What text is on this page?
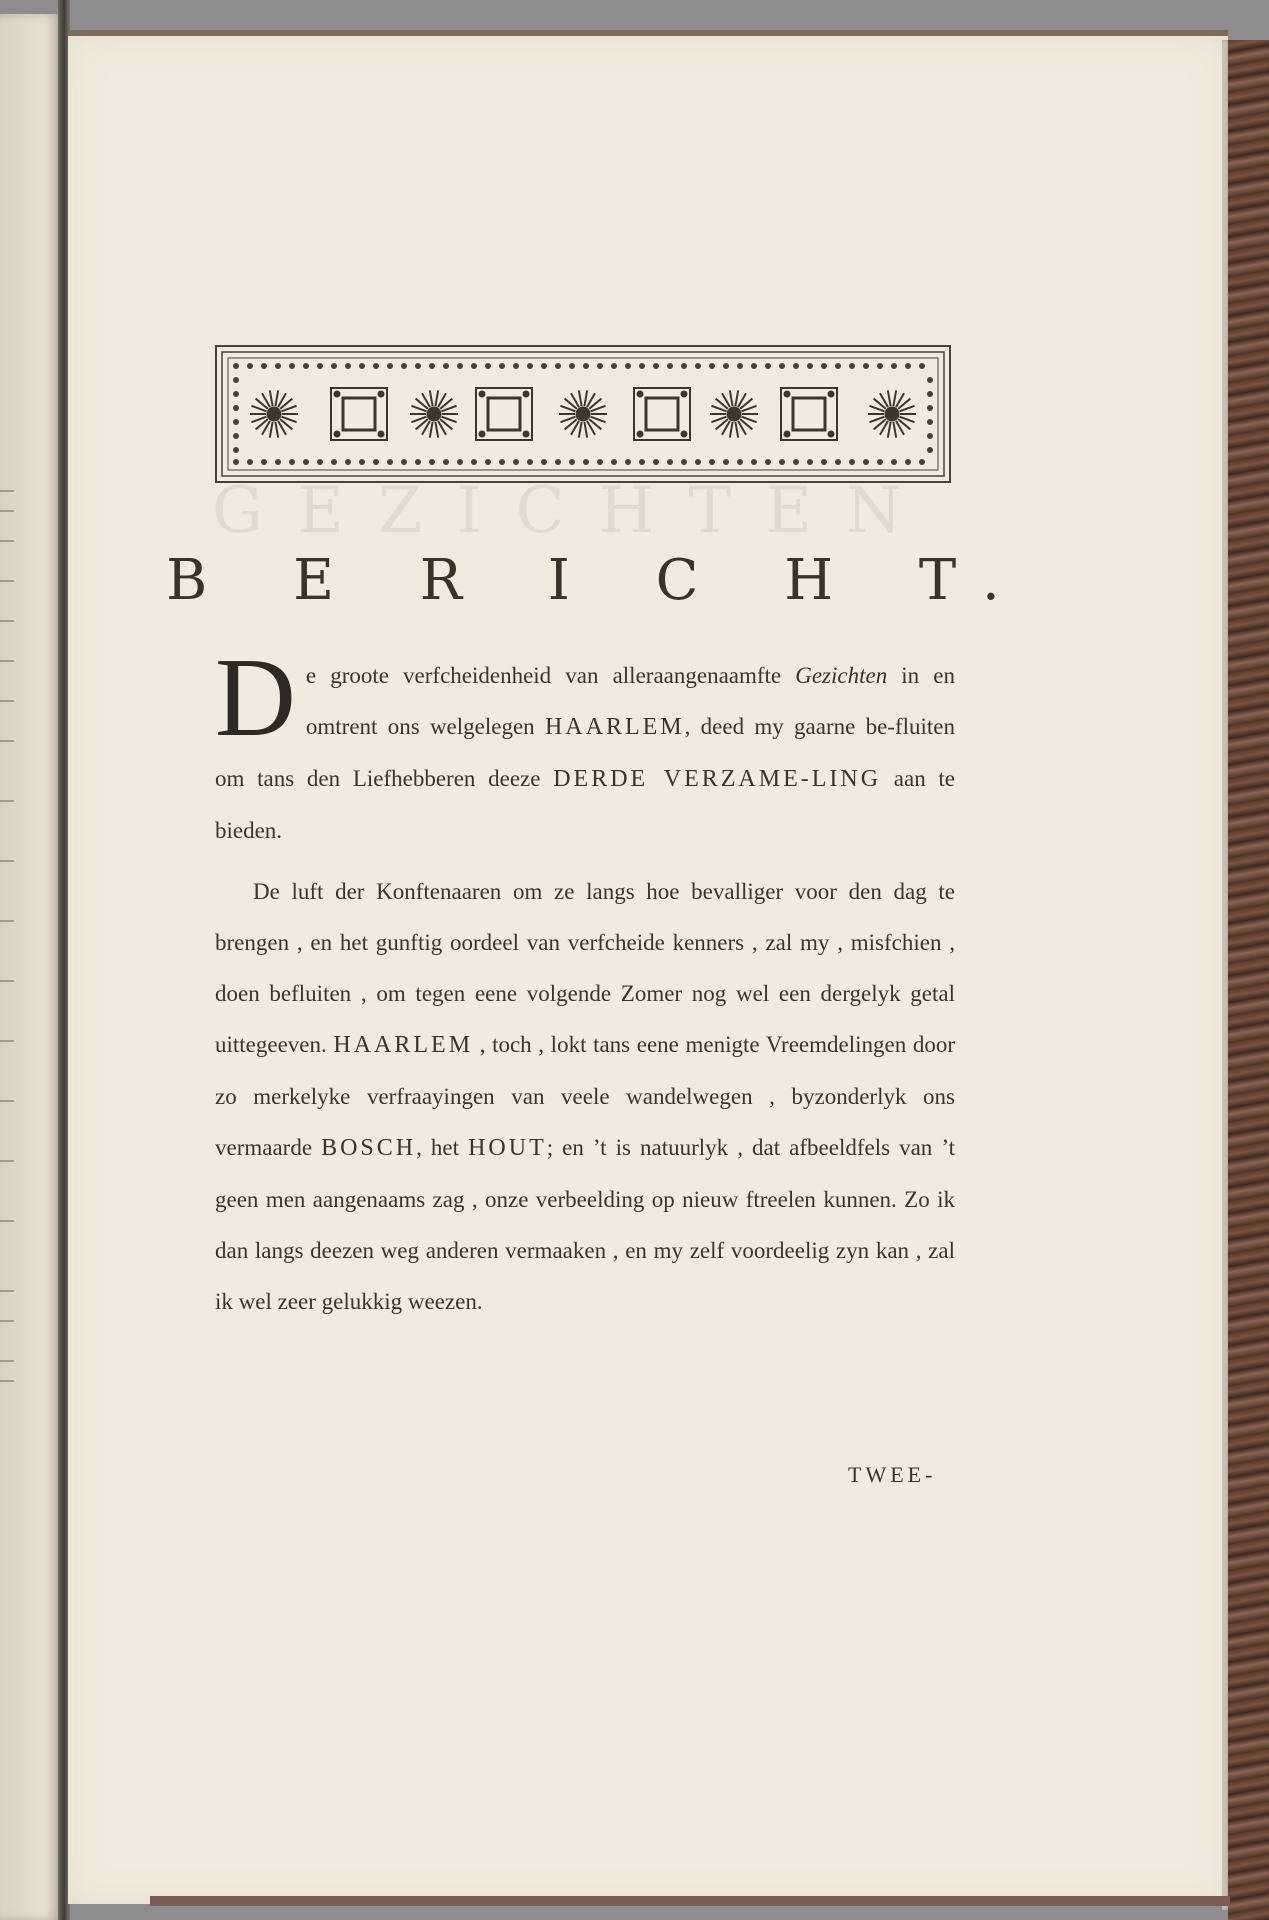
GEZICHTEN
B E R I C H T.

De groote verfcheidenheid van alleraangenaamfte Gezichten in en omtrent ons welgelegen HAARLEM, deed my gaarne be-fluiten om tans den Liefhebberen deeze DERDE VERZAME-LING aan te bieden.

De luft der Konftenaaren om ze langs hoe bevalliger voor den dag te brengen , en het gunftig oordeel van verfcheide kenners , zal my , misfchien , doen befluiten , om tegen eene volgende Zomer nog wel een dergelyk getal uittegeeven. HAARLEM , toch , lokt tans eene menigte Vreemdelingen door zo merkelyke verfraayingen van veele wandelwegen , byzonderlyk ons vermaarde BOSCH, het HOUT; en ’t is natuurlyk , dat afbeeldfels van ’t geen men aangenaams zag , onze verbeelding op nieuw ftreelen kunnen. Zo ik dan langs deezen weg anderen vermaaken , en my zelf voordeelig zyn kan , zal ik wel zeer gelukkig weezen.

TWEE-
